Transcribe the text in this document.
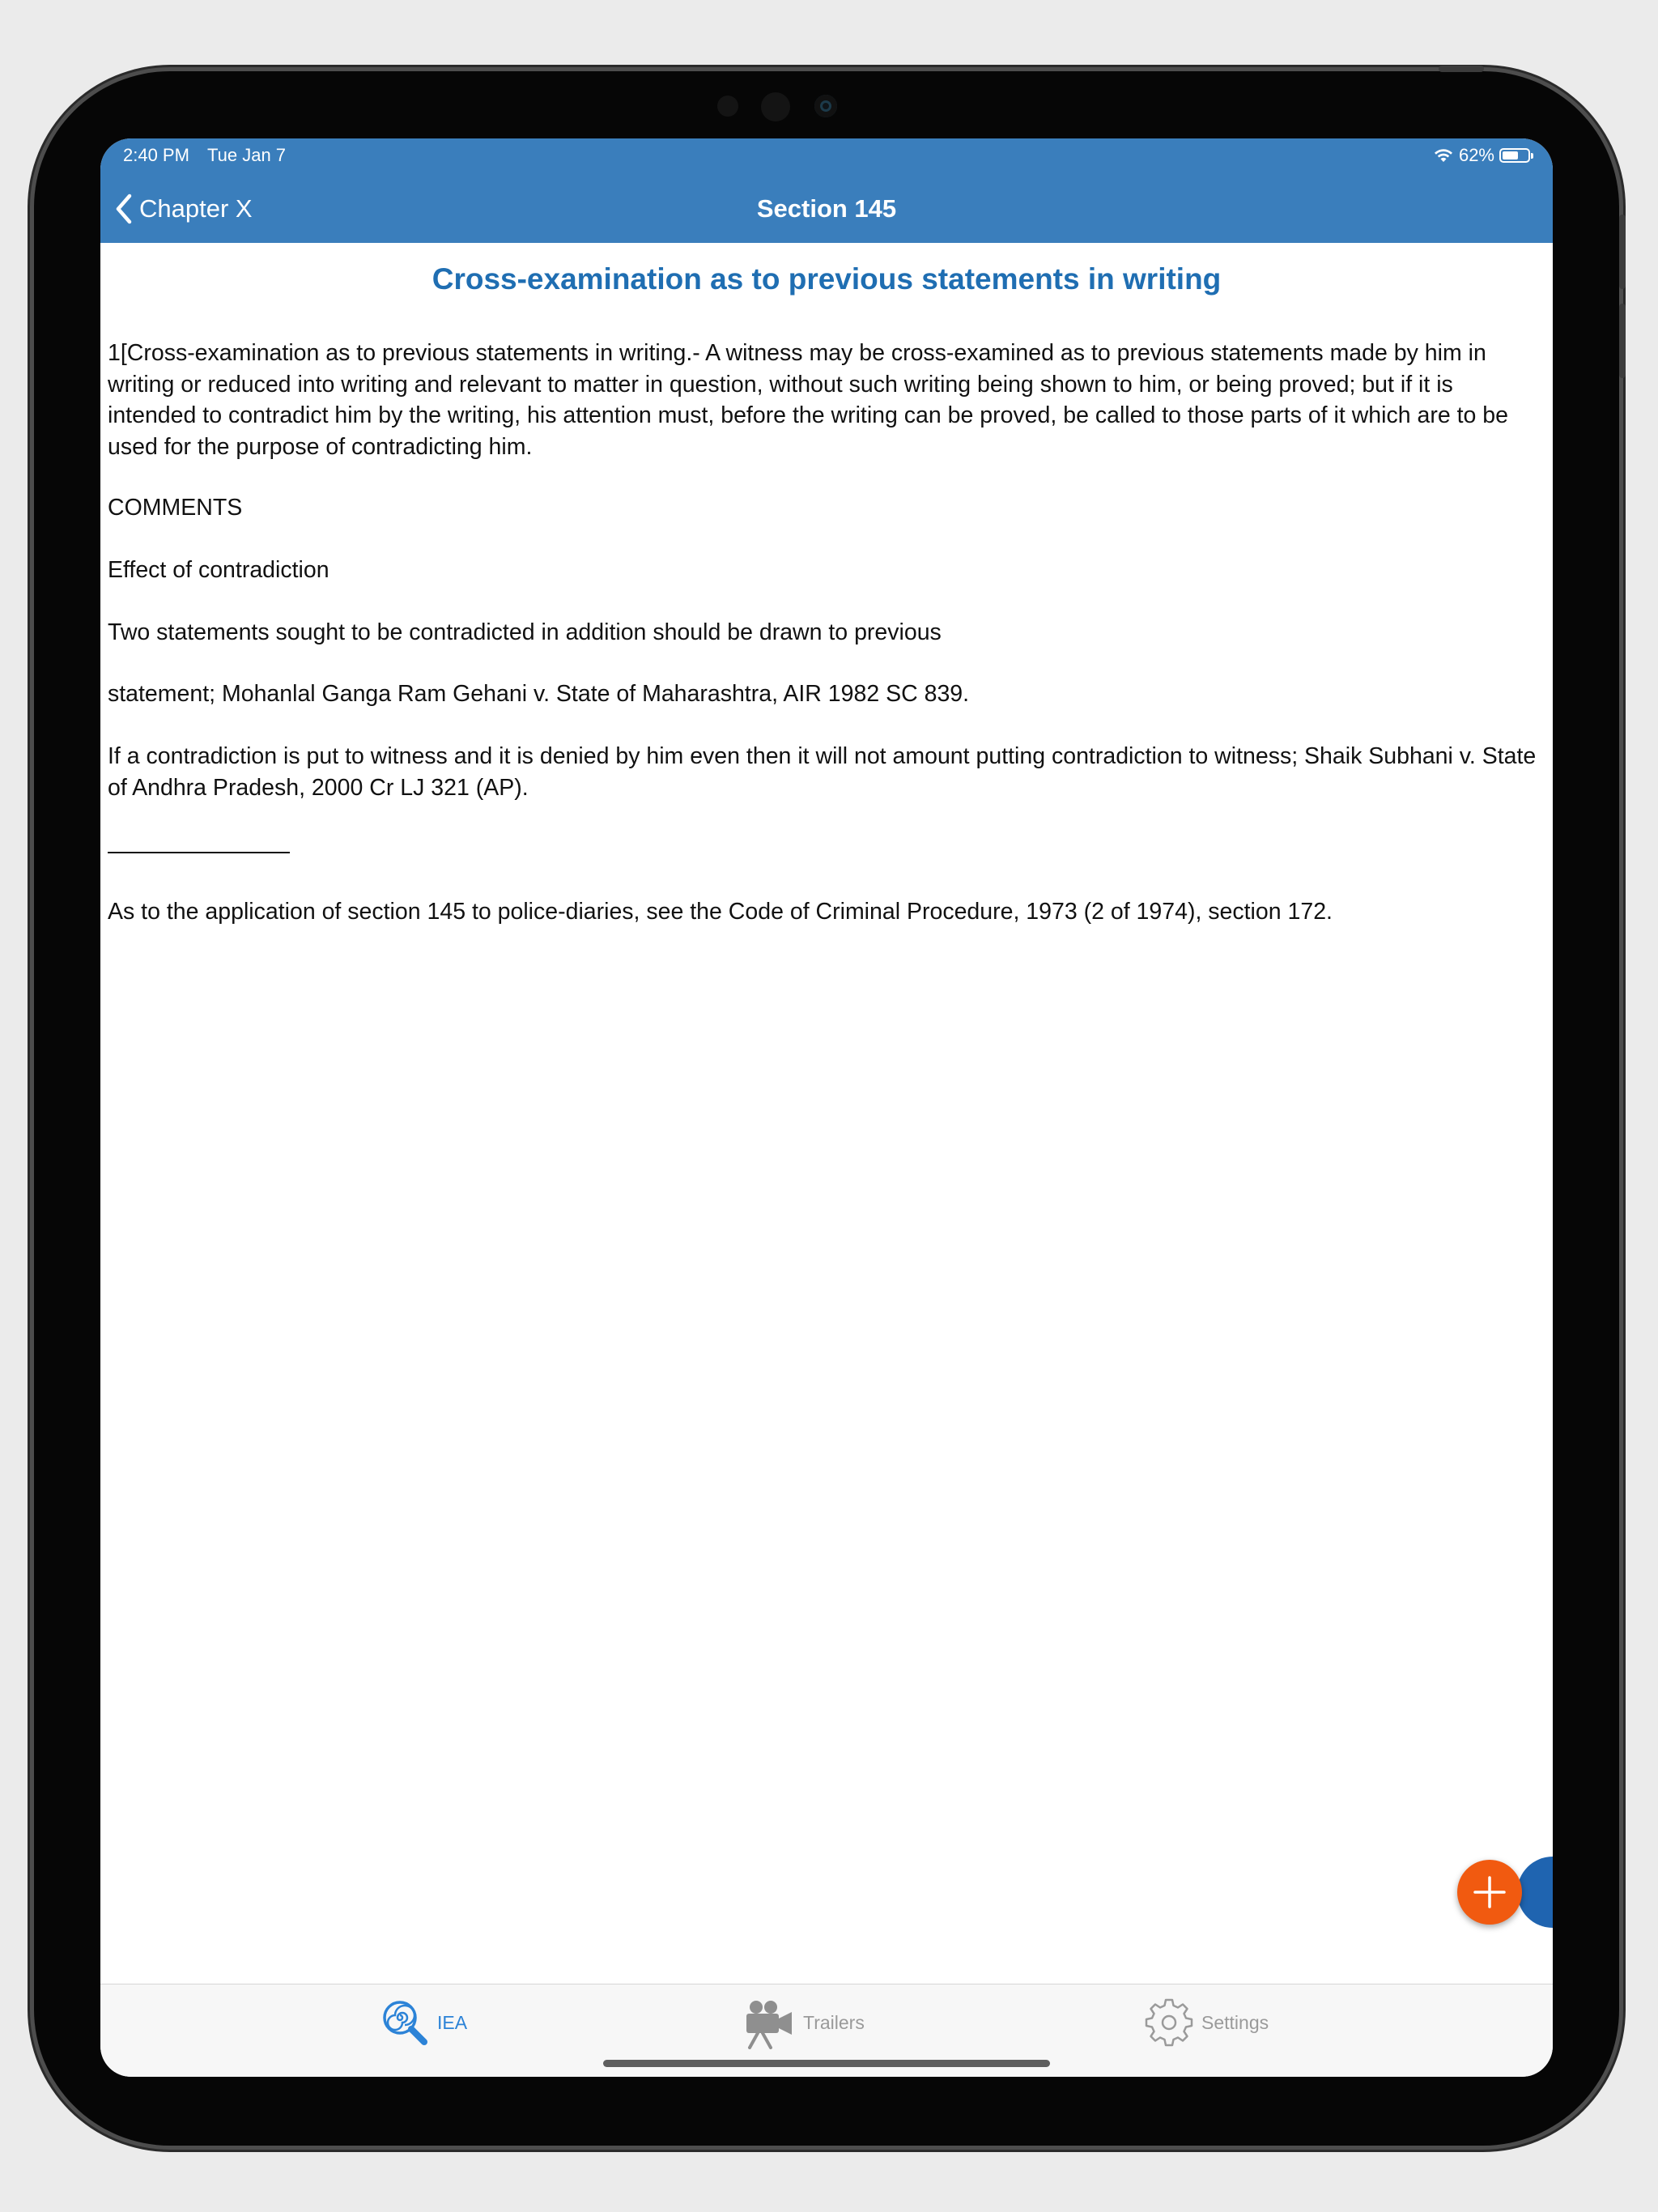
2:40 PM Tue Jan 7	62%
Chapter X	Section 145
Cross-examination as to previous statements in writing

1[Cross-examination as to previous statements in writing.- A witness may be cross-examined as to previous statements made by him in writing or reduced into writing and relevant to matter in question, without such writing being shown to him, or being proved; but if it is intended to contradict him by the writing, his attention must, before the writing can be proved, be called to those parts of it which are to be used for the purpose of contradicting him.

COMMENTS

Effect of contradiction

Two statements sought to be contradicted in addition should be drawn to previous

statement; Mohanlal Ganga Ram Gehani v. State of Maharashtra, AIR 1982 SC 839.

If a contradiction is put to witness and it is denied by him even then it will not amount putting contradiction to witness; Shaik Subhani v. State of Andhra Pradesh, 2000 Cr LJ 321 (AP).

As to the application of section 145 to police-diaries, see the Code of Criminal Procedure, 1973 (2 of 1974), section 172.

IEA	Trailers	Settings
